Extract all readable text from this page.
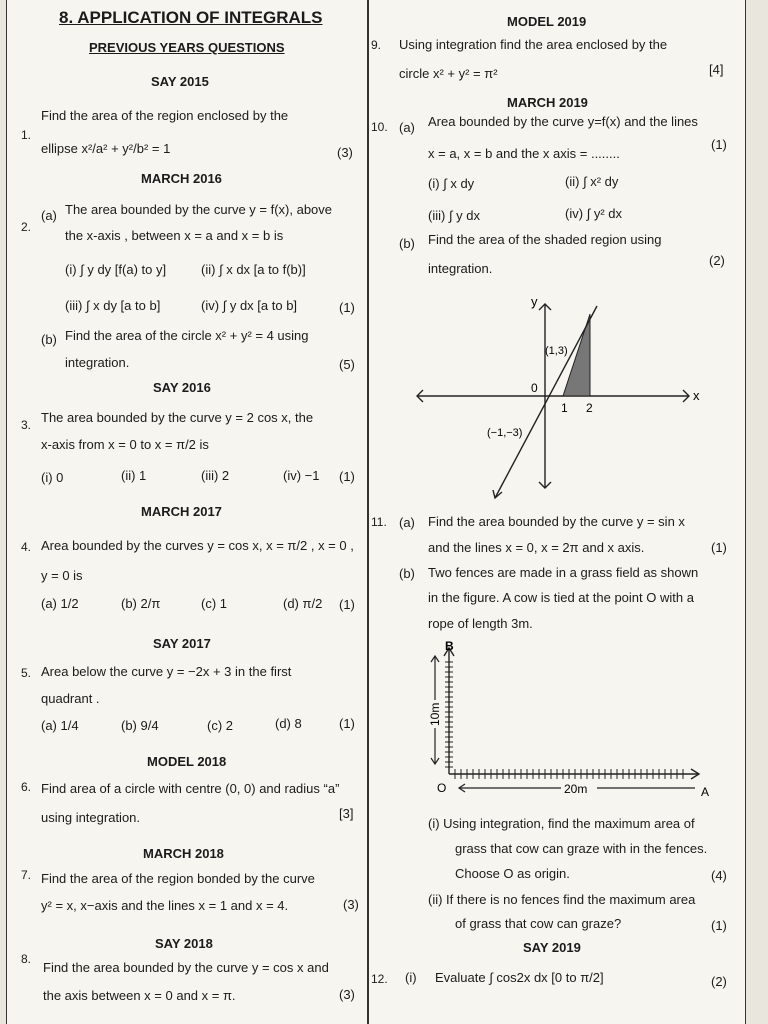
8. APPLICATION OF INTEGRALS
PREVIOUS YEARS QUESTIONS
SAY 2015
1.
Find the area of the region enclosed by the
ellipse x²/a² + y²/b² = 1	(3)
MARCH 2016
2.
(a) The area bounded by the curve y = f(x), above
the x-axis , between x = a and x = b is
(i) ∫ y dy [f(a) to y]	(ii) ∫ x dx [a to f(b)]
(iii) ∫ x dy [a to b]	(iv) ∫ y dx [a to b]	(1)
(b) Find the area of the circle x² + y² = 4 using
integration.	(5)
SAY 2016
3. The area bounded by the curve y = 2 cos x, the
x-axis from x = 0 to x = π/2 is
(i) 0	(ii) 1	(iii) 2	(iv) −1 (1)
MARCH 2017
4. Area bounded by the curves y = cos x, x = π/2 , x = 0 ,
y = 0 is
(a) 1/2	(b) 2/π	(c) 1	(d) π/2 (1)
SAY 2017
5. Area below the curve y = −2x + 3 in the first
quadrant .
(a) 1/4	(b) 9/4	(c) 2	(d) 8	(1)
MODEL 2018
6. Find area of a circle with centre (0, 0) and radius “a”
using integration.	[3]
MARCH 2018
7. Find the area of the region bonded by the curve
y² = x, x−axis and the lines x = 1 and x = 4.	(3)
SAY 2018
8.
Find the area bounded by the curve y = cos x and
the axis between x = 0 and x = π.	(3)
MODEL 2019
9. Using integration find the area enclosed by the
circle x² + y² = π²	[4]
MARCH 2019
10. (a) Area bounded by the curve y=f(x) and the lines
x = a, x = b and the x axis = ........
(1)
(i) ∫ x dy	(ii) ∫ x² dy
(iii) ∫ y dx	(iv) ∫ y² dx
(b) Find the area of the shaded region using
integration.
(2)
y
x
0
(1,3)
(−1,−3)
1 2
11. (a) Find the area bounded by the curve y = sin x
and the lines x = 0, x = 2π and x axis.	(1)
(b) Two fences are made in a grass field as shown
in the figure. A cow is tied at the point O with a
rope of length 3m.
10m
20m
B
O	A
(i) Using integration, find the maximum area of
grass that cow can graze with in the fences.
Choose O as origin.	(4)
(ii) If there is no fences find the maximum area
of grass that cow can graze?	(1)
SAY 2019
12. (i) Evaluate ∫ cos2x dx [0 to π/2]	(2)
